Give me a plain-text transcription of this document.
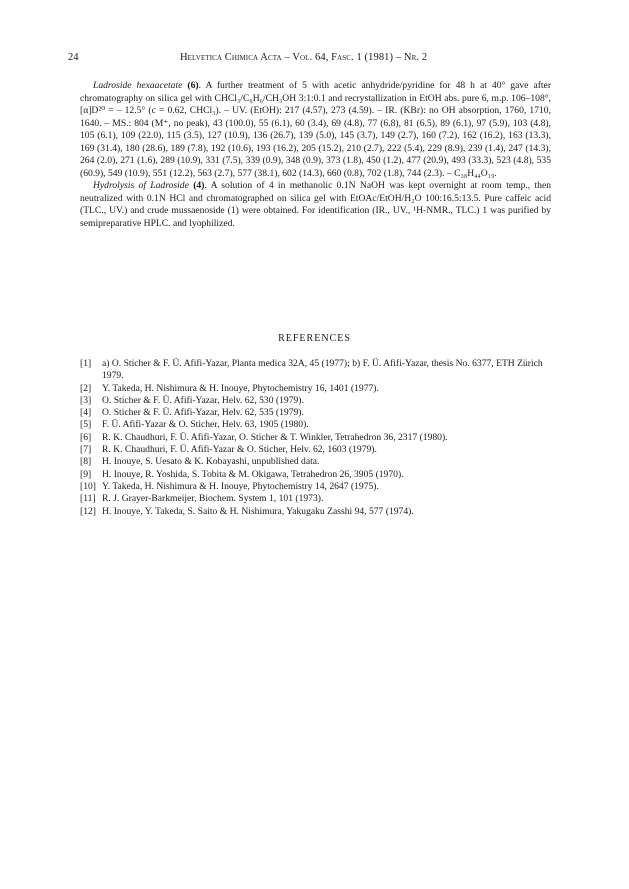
24	Helvetica Chimica Acta – Vol. 64, Fasc. 1 (1981) – Nr. 2

Ladroside hexaacetate (6). A further treatment of 5 with acetic anhydride/pyridine for 48 h at 40° gave after chromatography on silica gel with CHCl₃/C₆H₆/CH₃OH 3:1:0.1 and recrystallization in EtOH abs. pure 6, m.p. 106–108°, [α]D²⁰ = – 12.5° (c = 0.62, CHCl₃). – UV. (EtOH): 217 (4.57), 273 (4.59). – IR. (KBr): no OH absorption, 1760, 1710, 1640. – MS.: 804 (M⁺, no peak), 43 (100.0), 55 (6.1), 60 (3.4), 69 (4.8), 77 (6.8), 81 (6.5), 89 (6.1), 97 (5.9), 103 (4.8), 105 (6.1), 109 (22.0), 115 (3.5), 127 (10.9), 136 (26.7), 139 (5.0), 145 (3.7), 149 (2.7), 160 (7.2), 162 (16.2), 163 (13.3), 169 (31.4), 180 (28.6), 189 (7.8), 192 (10.6), 193 (16.2), 205 (15.2), 210 (2.7), 222 (5.4), 229 (8.9), 239 (1.4), 247 (14.3), 264 (2.0), 271 (1.6), 289 (10.9), 331 (7.5), 339 (0.9), 348 (0.9), 373 (1.8), 450 (1.2), 477 (20.9), 493 (33.3), 523 (4.8), 535 (60.9), 549 (10.9), 551 (12.2), 563 (2.7), 577 (38.1), 602 (14.3), 660 (0.8), 702 (1.8), 744 (2.3). – C₃₈H₄₄O₁₉.

Hydrolysis of Ladroside (4). A solution of 4 in methanolic 0.1N NaOH was kept overnight at room temp., then neutralized with 0.1N HCl and chromatographed on silica gel with EtOAc/EtOH/H₂O 100:16.5:13.5. Pure caffeic acid (TLC., UV.) and crude mussaenoside (1) were obtained. For identification (IR., UV., ¹H-NMR., TLC.) 1 was purified by semipreparative HPLC. and lyophilized.

REFERENCES
[1] a) O. Sticher & F. Ü. Afifi-Yazar, Planta medica 32A, 45 (1977); b) F. Ü. Afifi-Yazar, thesis No. 6377, ETH Zürich 1979.
[2] Y. Takeda, H. Nishimura & H. Inouye, Phytochemistry 16, 1401 (1977).
[3] O. Sticher & F. Ü. Afifi-Yazar, Helv. 62, 530 (1979).
[4] O. Sticher & F. Ü. Afifi-Yazar, Helv. 62, 535 (1979).
[5] F. Ü. Afifi-Yazar & O. Sticher, Helv. 63, 1905 (1980).
[6] R. K. Chaudhuri, F. Ü. Afifi-Yazar, O. Sticher & T. Winkler, Tetrahedron 36, 2317 (1980).
[7] R. K. Chaudhuri, F. Ü. Afifi-Yazar & O. Sticher, Helv. 62, 1603 (1979).
[8] H. Inouye, S. Uesato & K. Kobayashi, unpublished data.
[9] H. Inouye, R. Yoshida, S. Tobita & M. Okigawa, Tetrahedron 26, 3905 (1970).
[10] Y. Takeda, H. Nishimura & H. Inouye, Phytochemistry 14, 2647 (1975).
[11] R. J. Grayer-Barkmeijer, Biochem. System 1, 101 (1973).
[12] H. Inouye, Y. Takeda, S. Saito & H. Nishimura, Yakugaku Zasshi 94, 577 (1974).
